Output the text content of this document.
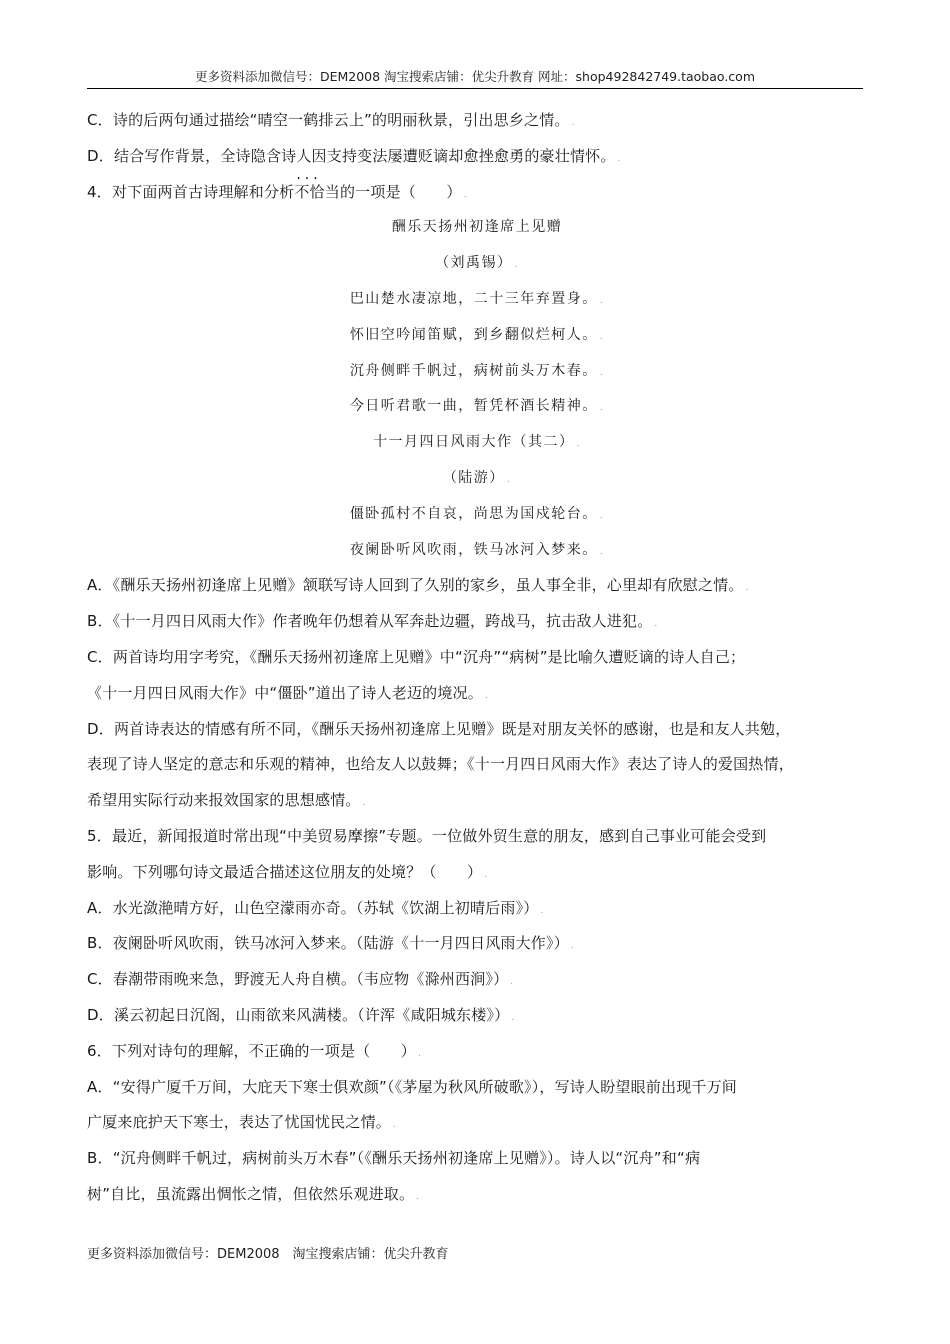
更多资料添加微信号：DEM2008 淘宝搜索店铺：优尖升教育 网址：shop492842749.taobao.com
C．诗的后两句通过描绘“晴空一鹤排云上”的明丽秋景，引出思乡之情。 .
D．结合写作背景，全诗隐含诗人因支持变法屡遭贬谪却愈挫愈勇的豪壮情怀。 .
4．对下面两首古诗理解和分析··· 不恰当的一项是（　　） .
酬乐天扬州初逢席上见赠
（刘禹锡） .
巴山楚水凄凉地，二十三年弃置身。 .
怀旧空吟闻笛赋，到乡翻似烂柯人。 .
沉舟侧畔千帆过，病树前头万木春。 .
今日听君歌一曲，暂凭杯酒长精神。 .
十一月四日风雨大作（其二） .
（陆游） .
僵卧孤村不自哀，尚思为国戍轮台。 .
夜阑卧听风吹雨，铁马冰河入梦来。 .
A．《酬乐天扬州初逢席上见赠》颔联写诗人回到了久别的家乡，虽人事全非，心里却有欣慰之情。 .
B．《十一月四日风雨大作》作者晚年仍想着从军奔赴边疆，跨战马，抗击敌人进犯。 .
C．两首诗均用字考究，《酬乐天扬州初逢席上见赠》中“沉舟”“病树”是比喻久遭贬谪的诗人自己；
《十一月四日风雨大作》中“僵卧”道出了诗人老迈的境况。 .
D．两首诗表达的情感有所不同，《酬乐天扬州初逢席上见赠》既是对朋友关怀的感谢，也是和友人共勉，
表现了诗人坚定的意志和乐观的精神，也给友人以鼓舞；《十一月四日风雨大作》表达了诗人的爱国热情，
希望用实际行动来报效国家的思想感情。 .
5．最近，新闻报道时常出现“中美贸易摩擦”专题。一位做外贸生意的朋友，感到自己事业可能会受到
影响。下列哪句诗文最适合描述这位朋友的处境？（　　） .
A．水光潋滟晴方好，山色空濛雨亦奇。（苏轼《饮湖上初晴后雨》） .
B．夜阑卧听风吹雨，铁马冰河入梦来。（陆游《十一月四日风雨大作》） .
C．春潮带雨晚来急，野渡无人舟自横。（韦应物《滁州西涧》） .
D．溪云初起日沉阁，山雨欲来风满楼。（许浑《咸阳城东楼》） .
6．下列对诗句的理解，不正确的一项是（　　） .
A．“安得广厦千万间，大庇天下寒士俱欢颜”（《茅屋为秋风所破歌》），写诗人盼望眼前出现千万间
广厦来庇护天下寒士，表达了忧国忧民之情。 .
B．“沉舟侧畔千帆过，病树前头万木春”（《酬乐天扬州初逢席上见赠》）。诗人以“沉舟”和“病
树”自比，虽流露出惆怅之情，但依然乐观进取。 .
更多资料添加微信号：DEM2008　淘宝搜索店铺：优尖升教育
